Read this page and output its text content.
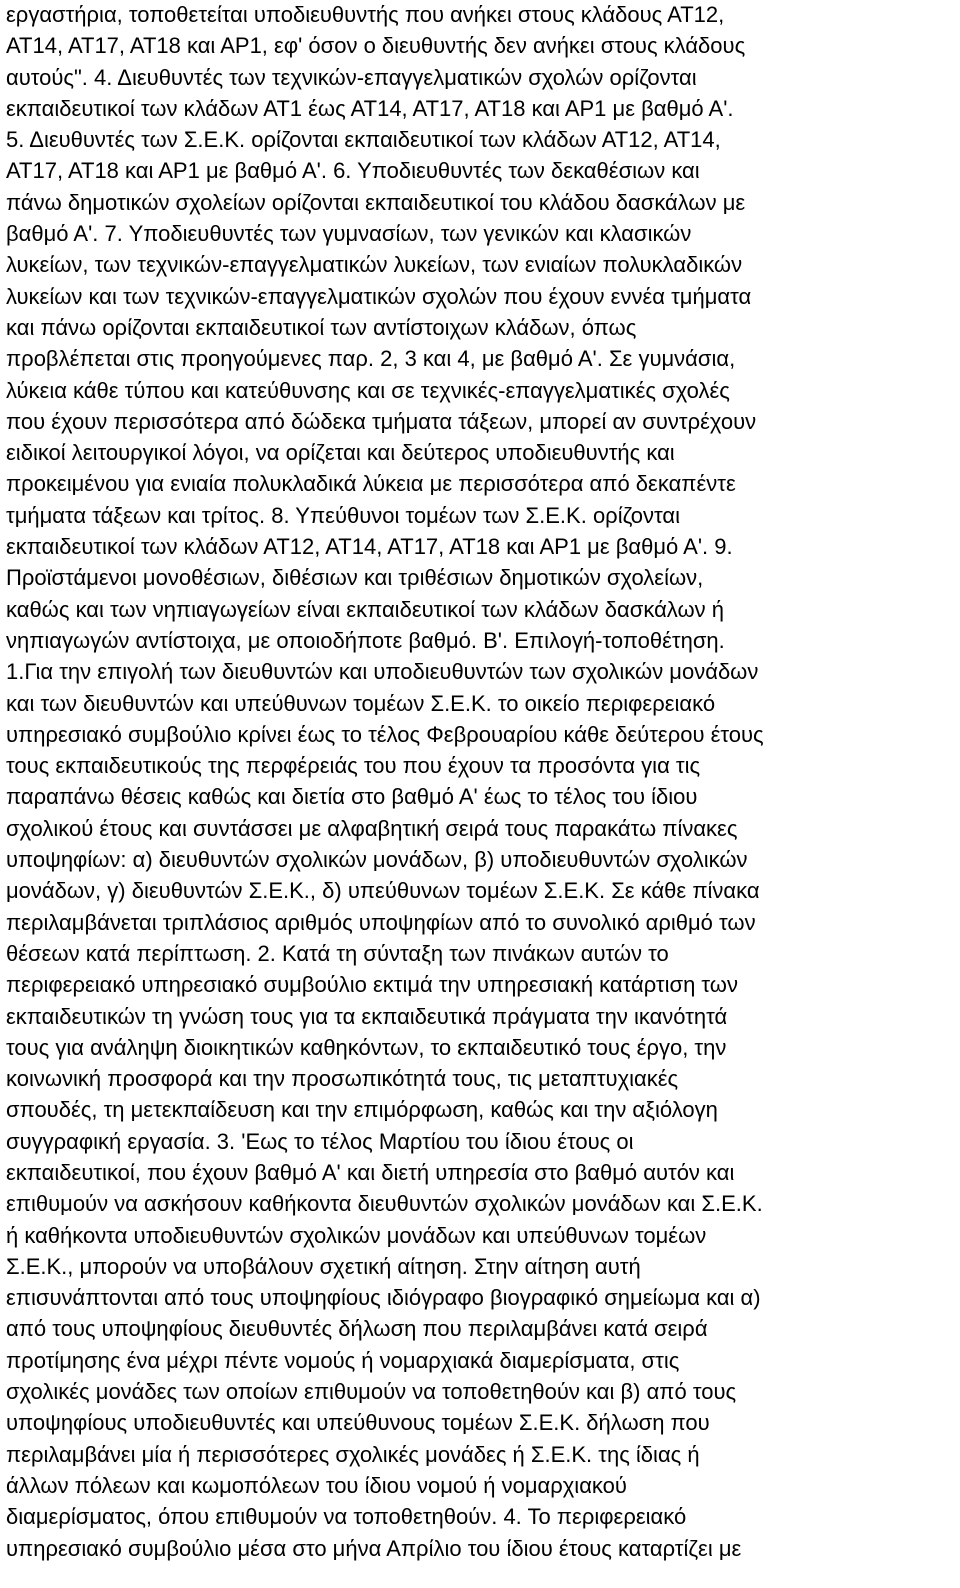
εργαστήρια, τοποθετείται υποδιευθυντής που ανήκει στους κλάδους ΑΤ12,
ΑΤ14, ΑΤ17, ΑΤ18 και ΑΡ1, εφ' όσον ο διευθυντής δεν ανήκει στους κλάδους
αυτούς". 4. Διευθυντές των τεχνικών-επαγγελματικών σχολών ορίζονται
εκπαιδευτικοί των κλάδων ΑΤ1 έως ΑΤ14, ΑΤ17, ΑΤ18 και ΑΡ1 με βαθμό Α'.
5. Διευθυντές των Σ.Ε.Κ. ορίζονται εκπαιδευτικοί των κλάδων ΑΤ12, ΑΤ14,
ΑΤ17, ΑΤ18 και ΑΡ1 με βαθμό Α'. 6. Υποδιευθυντές των δεκαθέσιων και
πάνω δημοτικών σχολείων ορίζονται εκπαιδευτικοί του κλάδου δασκάλων με
βαθμό Α'. 7. Υποδιευθυντές των γυμνασίων, των γενικών και κλασικών
λυκείων, των τεχνικών-επαγγελματικών λυκείων, των ενιαίων πολυκλαδικών
λυκείων και των τεχνικών-επαγγελματικών σχολών που έχουν εννέα τμήματα
και πάνω ορίζονται εκπαιδευτικοί των αντίστοιχων κλάδων, όπως
προβλέπεται στις προηγούμενες παρ. 2, 3 και 4, με βαθμό Α'. Σε γυμνάσια,
λύκεια κάθε τύπου και κατεύθυνσης και σε τεχνικές-επαγγελματικές σχολές
που έχουν περισσότερα από δώδεκα τμήματα τάξεων, μπορεί αν συντρέχουν
ειδικοί λειτουργικοί λόγοι, να ορίζεται και δεύτερος υποδιευθυντής και
προκειμένου για ενιαία πολυκλαδικά λύκεια με περισσότερα από δεκαπέντε
τμήματα τάξεων και τρίτος. 8. Υπεύθυνοι τομέων των Σ.Ε.Κ. ορίζονται
εκπαιδευτικοί των κλάδων ΑΤ12, ΑΤ14, ΑΤ17, ΑΤ18 και ΑΡ1 με βαθμό Α'. 9.
Προϊστάμενοι μονοθέσιων, διθέσιων και τριθέσιων δημοτικών σχολείων,
καθώς και των νηπιαγωγείων είναι εκπαιδευτικοί των κλάδων δασκάλων ή
νηπιαγωγών αντίστοιχα, με οποιοδήποτε βαθμό. Β'. Επιλογή-τοποθέτηση.
1.Για την επιγολή των διευθυντών και υποδιευθυντών των σχολικών μονάδων
και των διευθυντών και υπεύθυνων τομέων Σ.Ε.Κ. το οικείο περιφερειακό
υπηρεσιακό συμβούλιο κρίνει έως το τέλος Φεβρουαρίου κάθε δεύτερου έτους
τους εκπαιδευτικούς της περφέρειάς του που έχουν τα προσόντα για τις
παραπάνω θέσεις καθώς και διετία στο βαθμό Α' έως το τέλος του ίδιου
σχολικού έτους και συντάσσει με αλφαβητική σειρά τους παρακάτω πίνακες
υποψηφίων: α) διευθυντών σχολικών μονάδων, β) υποδιευθυντών σχολικών
μονάδων, γ) διευθυντών Σ.Ε.Κ., δ) υπεύθυνων τομέων Σ.Ε.Κ. Σε κάθε πίνακα
περιλαμβάνεται τριπλάσιος αριθμός υποψηφίων από το συνολικό αριθμό των
θέσεων κατά περίπτωση. 2. Κατά τη σύνταξη των πινάκων αυτών το
περιφερειακό υπηρεσιακό συμβούλιο εκτιμά την υπηρεσιακή κατάρτιση των
εκπαιδευτικών τη γνώση τους για τα εκπαιδευτικά πράγματα την ικανότητά
τους για ανάληψη διοικητικών καθηκόντων, το εκπαιδευτικό τους έργο, την
κοινωνική προσφορά και την προσωπικότητά τους, τις μεταπτυχιακές
σπουδές, τη μετεκπαίδευση και την επιμόρφωση, καθώς και την αξιόλογη
συγγραφική εργασία. 3. 'Εως το τέλος Μαρτίου του ίδιου έτους οι
εκπαιδευτικοί, που έχουν βαθμό Α' και διετή υπηρεσία στο βαθμό αυτόν και
επιθυμούν να ασκήσουν καθήκοντα διευθυντών σχολικών μονάδων και Σ.Ε.Κ.
ή καθήκοντα υποδιευθυντών σχολικών μονάδων και υπεύθυνων τομέων
Σ.Ε.Κ., μπορούν να υποβάλουν σχετική αίτηση. Στην αίτηση αυτή
επισυνάπτονται από τους υποψηφίους ιδιόγραφο βιογραφικό σημείωμα και α)
από τους υποψηφίους διευθυντές δήλωση που περιλαμβάνει κατά σειρά
προτίμησης ένα μέχρι πέντε νομούς ή νομαρχιακά διαμερίσματα, στις
σχολικές μονάδες των οποίων επιθυμούν να τοποθετηθούν και β) από τους
υποψηφίους υποδιευθυντές και υπεύθυνους τομέων Σ.Ε.Κ. δήλωση που
περιλαμβάνει μία ή περισσότερες σχολικές μονάδες ή Σ.Ε.Κ. της ίδιας ή
άλλων πόλεων και κωμοπόλεων του ίδιου νομού ή νομαρχιακού
διαμερίσματος, όπου επιθυμούν να τοποθετηθούν. 4. Το περιφερειακό
υπηρεσιακό συμβούλιο μέσα στο μήνα Απρίλιο του ίδιου έτους καταρτίζει με
